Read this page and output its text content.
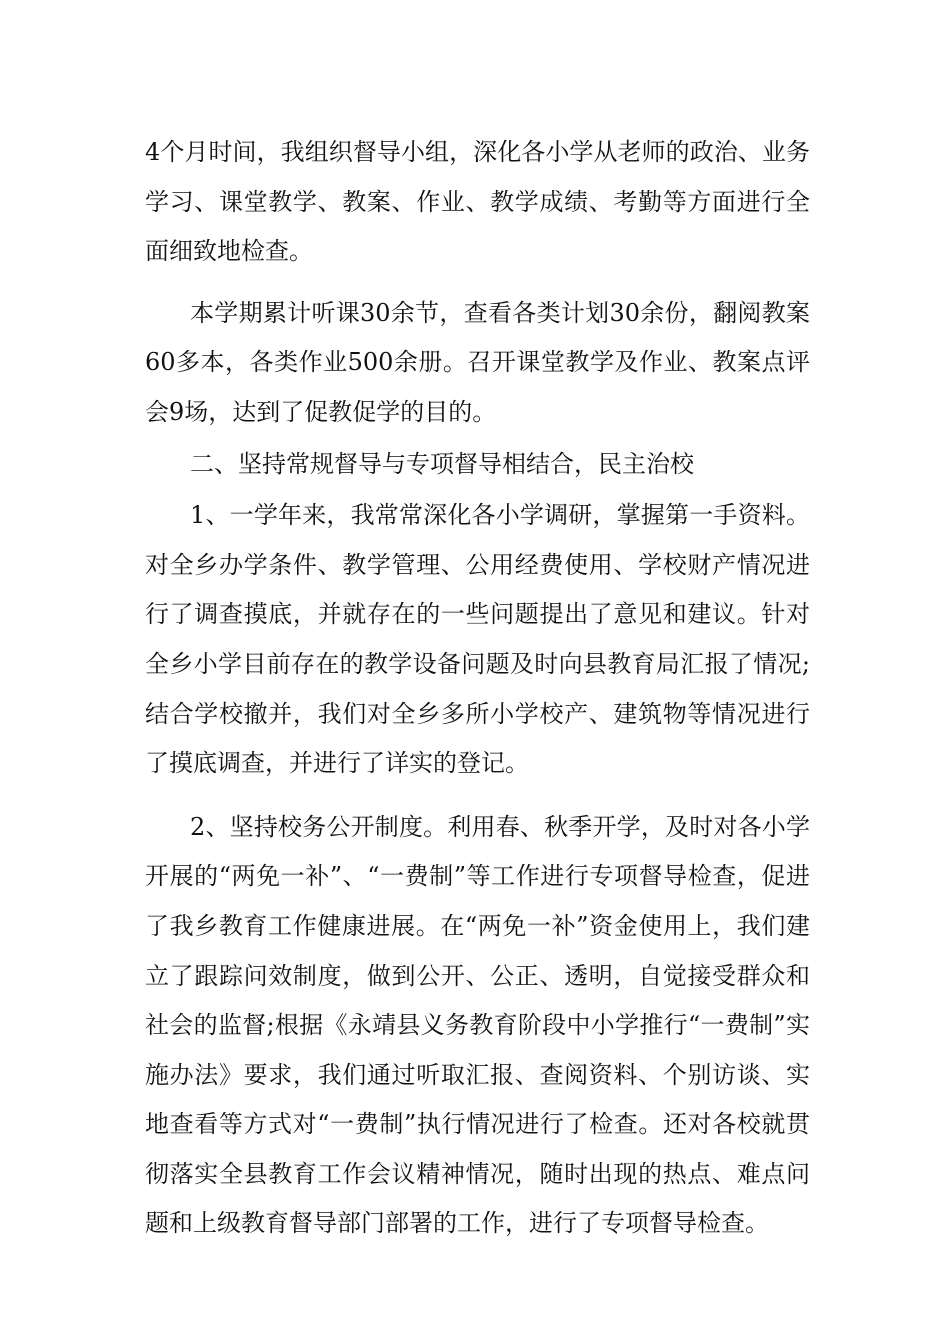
4个月时间，我组织督导小组，深化各小学从老师的政治、业务学习、课堂教学、教案、作业、教学成绩、考勤等方面进行全面细致地检查。

本学期累计听课30余节，查看各类计划30余份，翻阅教案60多本，各类作业500余册。召开课堂教学及作业、教案点评会9场，达到了促教促学的目的。

二、坚持常规督导与专项督导相结合，民主治校

1、一学年来，我常常深化各小学调研，掌握第一手资料。对全乡办学条件、教学管理、公用经费使用、学校财产情况进行了调查摸底，并就存在的一些问题提出了意见和建议。针对全乡小学目前存在的教学设备问题及时向县教育局汇报了情况;结合学校撤并，我们对全乡多所小学校产、建筑物等情况进行了摸底调查，并进行了详实的登记。

2、坚持校务公开制度。利用春、秋季开学，及时对各小学开展的“两免一补”、“一费制”等工作进行专项督导检查，促进了我乡教育工作健康进展。在“两免一补”资金使用上，我们建立了跟踪问效制度，做到公开、公正、透明，自觉接受群众和社会的监督;根据《永靖县义务教育阶段中小学推行“一费制”实施办法》要求，我们通过听取汇报、查阅资料、个别访谈、实地查看等方式对“一费制”执行情况进行了检查。还对各校就贯彻落实全县教育工作会议精神情况，随时出现的热点、难点问题和上级教育督导部门部署的工作，进行了专项督导检查。
